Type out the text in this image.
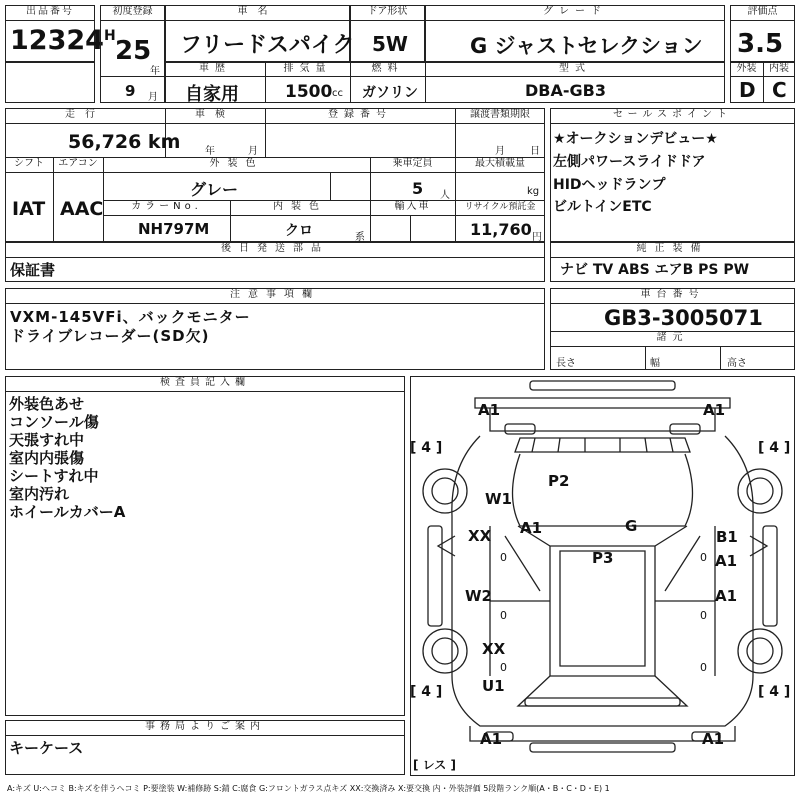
出品番号
12324
初度登録
H 25
年
9 月
車名
フリードスパイク
ドア形状
5W
グレード
G ジャストセレクション
評価点
3.5
車歴
自家用
排気量
1500 cc
燃料
ガソリン
型式
DBA-GB3
外装	内装
D C
走行
56,726 km
車検
年	月
登録番号	譲渡書類期限
月	日
シフト
IAT
エアコン
AAC
外装色
グレー
乗車定員
5 人
最大積載量
kg
カラーNo.
NH797M
内装色
クロ	系
輸入車	リサイクル預託金
11,760 円
後日発送部品
保証書
セールスポイント
★オークションデビュー★
左側パワースライドドア
HIDヘッドランプ
ビルトインETC
純正装備
ナビ TV ABS エアB PS PW
注意事項欄
VXM-145VFi、バックモニター
ドライブレコーダー(SD欠)
車台番号
GB3-3005071
諸元
長さ	幅	高さ
検査員記入欄
外装色あせ
コンソール傷
天張すれ中
室内内張傷
シートすれ中
室内汚れ
ホイールカバーA
事務局よりご案内
キーケース
A1	A1
P2
W1
A1	G
XX
P3
B1
A1
W2	A1
XX
U1
A1	A1
0	0
0	0
0	0
[ 4 ]	[ 4 ]
[ 4 ]	[ 4 ]
[ レス ]
A:キズ U:ヘコミ B:キズを伴うヘコミ P:要塗装 W:補修跡 S:錆 C:腐食 G:フロントガラス点キズ XX:交換済み X:要交換 内・外装評価 5段階ランク順(A・B・C・D・E) 1
